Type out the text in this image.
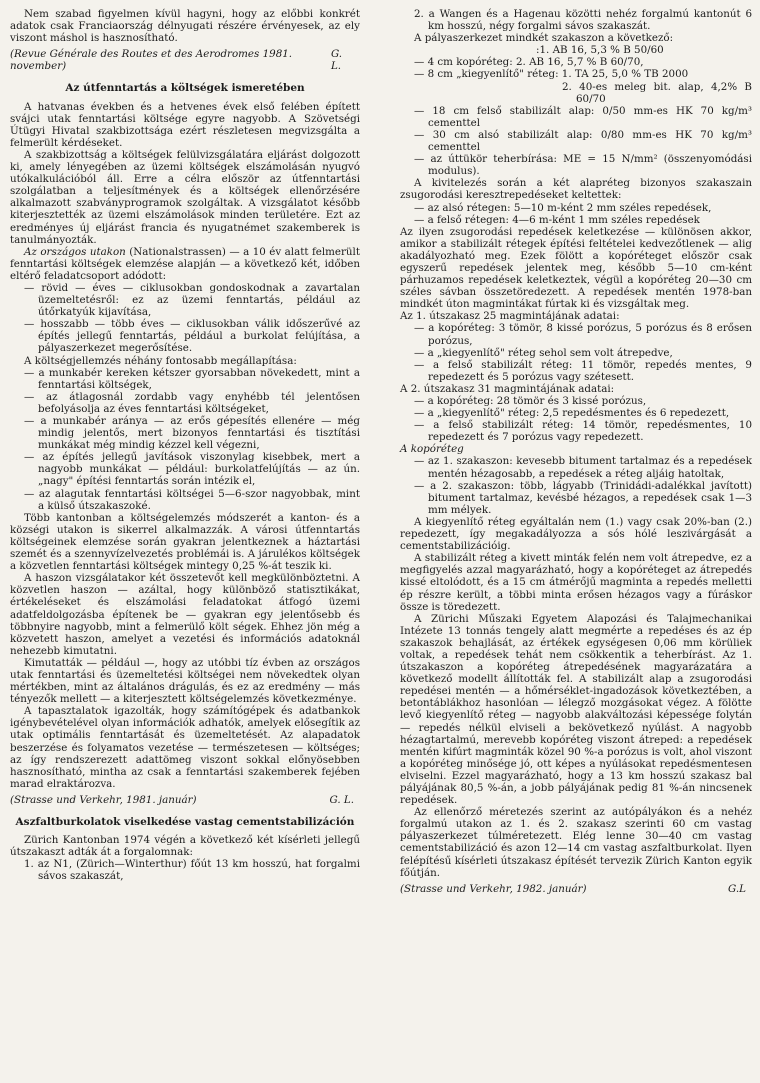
Nem szabad figyelmen kívül hagyni, hogy az előbbi konkrét adatok csak Franciaország délnyugati részére érvényesek, az ely viszont máshol is hasznosítható.

(Revue Générale des Routes et des Aerodromes 1981. november)
G. L.
Az útfenntartás a költségek ismeretében

A hatvanas években és a hetvenes évek első felében épített svájci utak fenntartási költsége egyre nagyobb. A Szövetségi Útügyi Hivatal szakbizottsága ezért részletesen megvizsgálta a felmerült kérdéseket.

A szakbizottság a költségek felülvizsgálatára eljárást dolgozott ki, amely lényegében az üzemi költségek elszámolásán nyugvó utókalkulációból áll. Erre a célra először az útfenntartási szolgálatban a teljesítmények és a költségek ellenőrzésére alkalmazott szabványprogramok szolgáltak. A vizsgálatot később kiterjesztették az üzemi elszámolások minden területére. Ezt az eredményes új eljárást francia és nyugatnémet szakemberek is tanulmányozták.

Az országos utakon (Nationalstrassen) — a 10 év alatt felmerült fenntartási költségek elemzése alapján — a következő két, időben eltérő feladatcsoport adódott:

— rövid — éves — ciklusokban gondoskodnak a zavartalan üzemeltetésről: ez az üzemi fenntartás, például az útőrkatyúk kijavítása,

— hosszabb — több éves — ciklusokban válik időszerűvé az építés jellegű fenntartás, például a burkolat felújítása, a pályaszerkezet megerősítése.

A költségjellemzés néhány fontosabb megállapítása:

— a munkabér kereken kétszer gyorsabban növekedett, mint a fenntartási költségek,

— az átlagosnál zordabb vagy enyhébb tél jelentősen befolyásolja az éves fenntartási költségeket,

— a munkabér aránya — az erős gépesítés ellenére — még mindig jelentős, mert bizonyos fenntartási és tisztítási munkákat még mindig kézzel kell végezni,

— az építés jellegű javítások viszonylag kisebbek, mert a nagyobb munkákat — például: burkolatfelújítás — az ún. „nagy" építési fenntartás során intézik el,

— az alagutak fenntartási költségei 5—6-szor nagyobbak, mint a külső útszakaszoké.

Több kantonban a költségelemzés módszerét a kanton- és a községi utakon is sikerrel alkalmazzák. A városi útfenntartás költségeinek elemzése során gyakran jelentkeznek a háztartási szemét és a szennyvízelvezetés problémái is. A járulékos költségek a közvetlen fenntartási költségek mintegy 0,25 %-át teszik ki.

A haszon vizsgálatakor két összetevőt kell megkülönböztetni. A közvetlen haszon — azáltal, hogy különböző statisztikákat, értékeléseket és elszámolási feladatokat átfogó üzemi adatfeldolgozásba építenek be — gyakran egy jelentősebb és többnyire nagyobb, mint a felmerülő költ ségek. Ehhez jön még a közvetett haszon, amelyet a vezetési és információs adatoknál nehezebb kimutatni.

Kimutatták — például —, hogy az utóbbi tíz évben az országos utak fenntartási és üzemeltetési költségei nem növekedtek olyan mértékben, mint az általános drágulás, és ez az eredmény — más tényezők mellett — a kiterjesztett költségelemzés következménye.

A tapasztalatok igazolták, hogy számítógépek és adatbankok igénybevételével olyan információk adhatók, amelyek elősegítik az utak optimális fenntartását és üzemeltetését. Az alapadatok beszerzése és folyamatos vezetése — természetesen — költséges; az így rendszerezett adattömeg viszont sokkal előnyösebben hasznosítható, mintha az csak a fenntartási szakemberek fejében marad elraktározva.

(Strasse und Verkehr, 1981. január)	G. L.
Aszfaltburkolatok viselkedése vastag cementstabilizáción

Zürich Kantonban 1974 végén a következő két kísérleti jellegű útszakaszt adták át a forgalomnak:

1. az N1, (Zürich—Winterthur) főút 13 km hosszú, hat forgalmi sávos szakaszát,

2. a Wangen és a Hagenau közötti nehéz forgalmú kantonút 6 km hosszú, négy forgalmi sávos szakaszát.

A pályaszerkezet mindkét szakaszon a következő:

:1. AB 16, 5,3 % B 50/60

— 4 cm kopóréteg: 2. AB 16, 5,7 % B 60/70,

— 8 cm „kiegyenlítő" réteg: 1. TA 25, 5,0 % TB 2000

2. 40-es meleg bit. alap, 4,2% B 60/70

— 18 cm felső stabilizált alap: 0/50 mm-es HK 70 kg/m³ cementtel

— 30 cm alsó stabilizált alap: 0/80 mm-es HK 70 kg/m³ cementtel

— az úttükör teherbírása: ME = 15 N/mm² (összenyomódási modulus).

A kivitelezés során a két alapréteg bizonyos szakaszain zsugorodási keresztrepedéseket keltettek:

— az alsó rétegen: 5—10 m-ként 2 mm széles repedések,

— a felső rétegen: 4—6 m-ként 1 mm széles repedések

Az ilyen zsugorodási repedések keletkezése — különösen akkor, amikor a stabilizált rétegek építési feltételei kedvezőtlenek — alig akadályozható meg. Ezek fölött a kopóréteget először csak egyszerű repedések jelentek meg, később 5—10 cm-ként párhuzamos repedések keletkeztek, végül a kopóréteg 20—30 cm széles sávban összetöredezett. A repedések mentén 1978-ban mindkét úton magmintákat fúrtak ki és vizsgáltak meg.

Az 1. útszakasz 25 magmintájának adatai:

— a kopóréteg: 3 tömör, 8 kissé porózus, 5 porózus és 8 erősen porózus,

— a „kiegyenlítő" réteg sehol sem volt átrepedve,

— a felső stabilizált réteg: 11 tömör, repedés mentes, 9 repedezett és 5 porózus vagy szétesett.

A 2. útszakasz 31 magmintájának adatai:

— a kopóréteg: 28 tömör és 3 kissé porózus,

— a „kiegyenlítő" réteg: 2,5 repedésmentes és 6 repedezett,

— a felső stabilizált réteg: 14 tömör, repedésmentes, 10 repedezett és 7 porózus vagy repedezett.

A kopóréteg

— az 1. szakaszon: kevesebb bitument tartalmaz és a repedések mentén hézagosabb, a repedések a réteg aljáig hatoltak,

— a 2. szakaszon: több, lágyabb (Trinidádi-adalékkal javított) bitument tartalmaz, kevésbé hézagos, a repedések csak 1—3 mm mélyek.

A kiegyenlítő réteg egyáltalán nem (1.) vagy csak 20%-ban (2.) repedezett, így megakadályozza a sós hólé leszivárgását a cementstabilizációig.

A stabilizált réteg a kivett minták felén nem volt átrepedve, ez a megfigyelés azzal magyarázható, hogy a kopóréteget az átrepedés kissé eltolódott, és a 15 cm átmérőjű magminta a repedés melletti ép részre került, a többi minta erősen hézagos vagy a fúráskor össze is töredezett.

A Zürichi Műszaki Egyetem Alapozási és Talajmechanikai Intézete 13 tonnás tengely alatt megmérte a repedéses és az ép szakaszok behajlását, az értékek egységesen 0,06 mm körüliek voltak, a repedések tehát nem csökkentik a teherbírást. Az 1. útszakaszon a kopóréteg átrepedésének magyarázatára a következő modellt állították fel. A stabilizált alap a zsugorodási repedései mentén — a hőmérséklet-ingadozások következtében, a betontáblákhoz hasonlóan — lélegző mozgásokat végez. A fölötte levő kiegyenlítő réteg — nagyobb alakváltozási képessége folytán — repedés nélkül elviseli a bekövetkező nyúlást. A nagyobb hézagtartalmú, merevebb kopóréteg viszont átreped: a repedések mentén kifúrt magminták közel 90 %-a porózus is volt, ahol viszont a kopóréteg minősége jó, ott képes a nyúlásokat repedésmentesen elviselni. Ezzel magyarázható, hogy a 13 km hosszú szakasz bal pályájának 80,5 %-án, a jobb pályájának pedig 81 %-án nincsenek repedések.

Az ellenőrző méretezés szerint az autópályákon és a nehéz forgalmú utakon az 1. és 2. szakasz szerinti 60 cm vastag pályaszerkezet túlméretezett. Elég lenne 30—40 cm vastag cementstabilizáció és azon 12—14 cm vastag aszfaltburkolat. Ilyen felépítésű kísérleti útszakasz építését tervezik Zürich Kanton egyik főútján.

(Strasse und Verkehr, 1982. január)	G.L
